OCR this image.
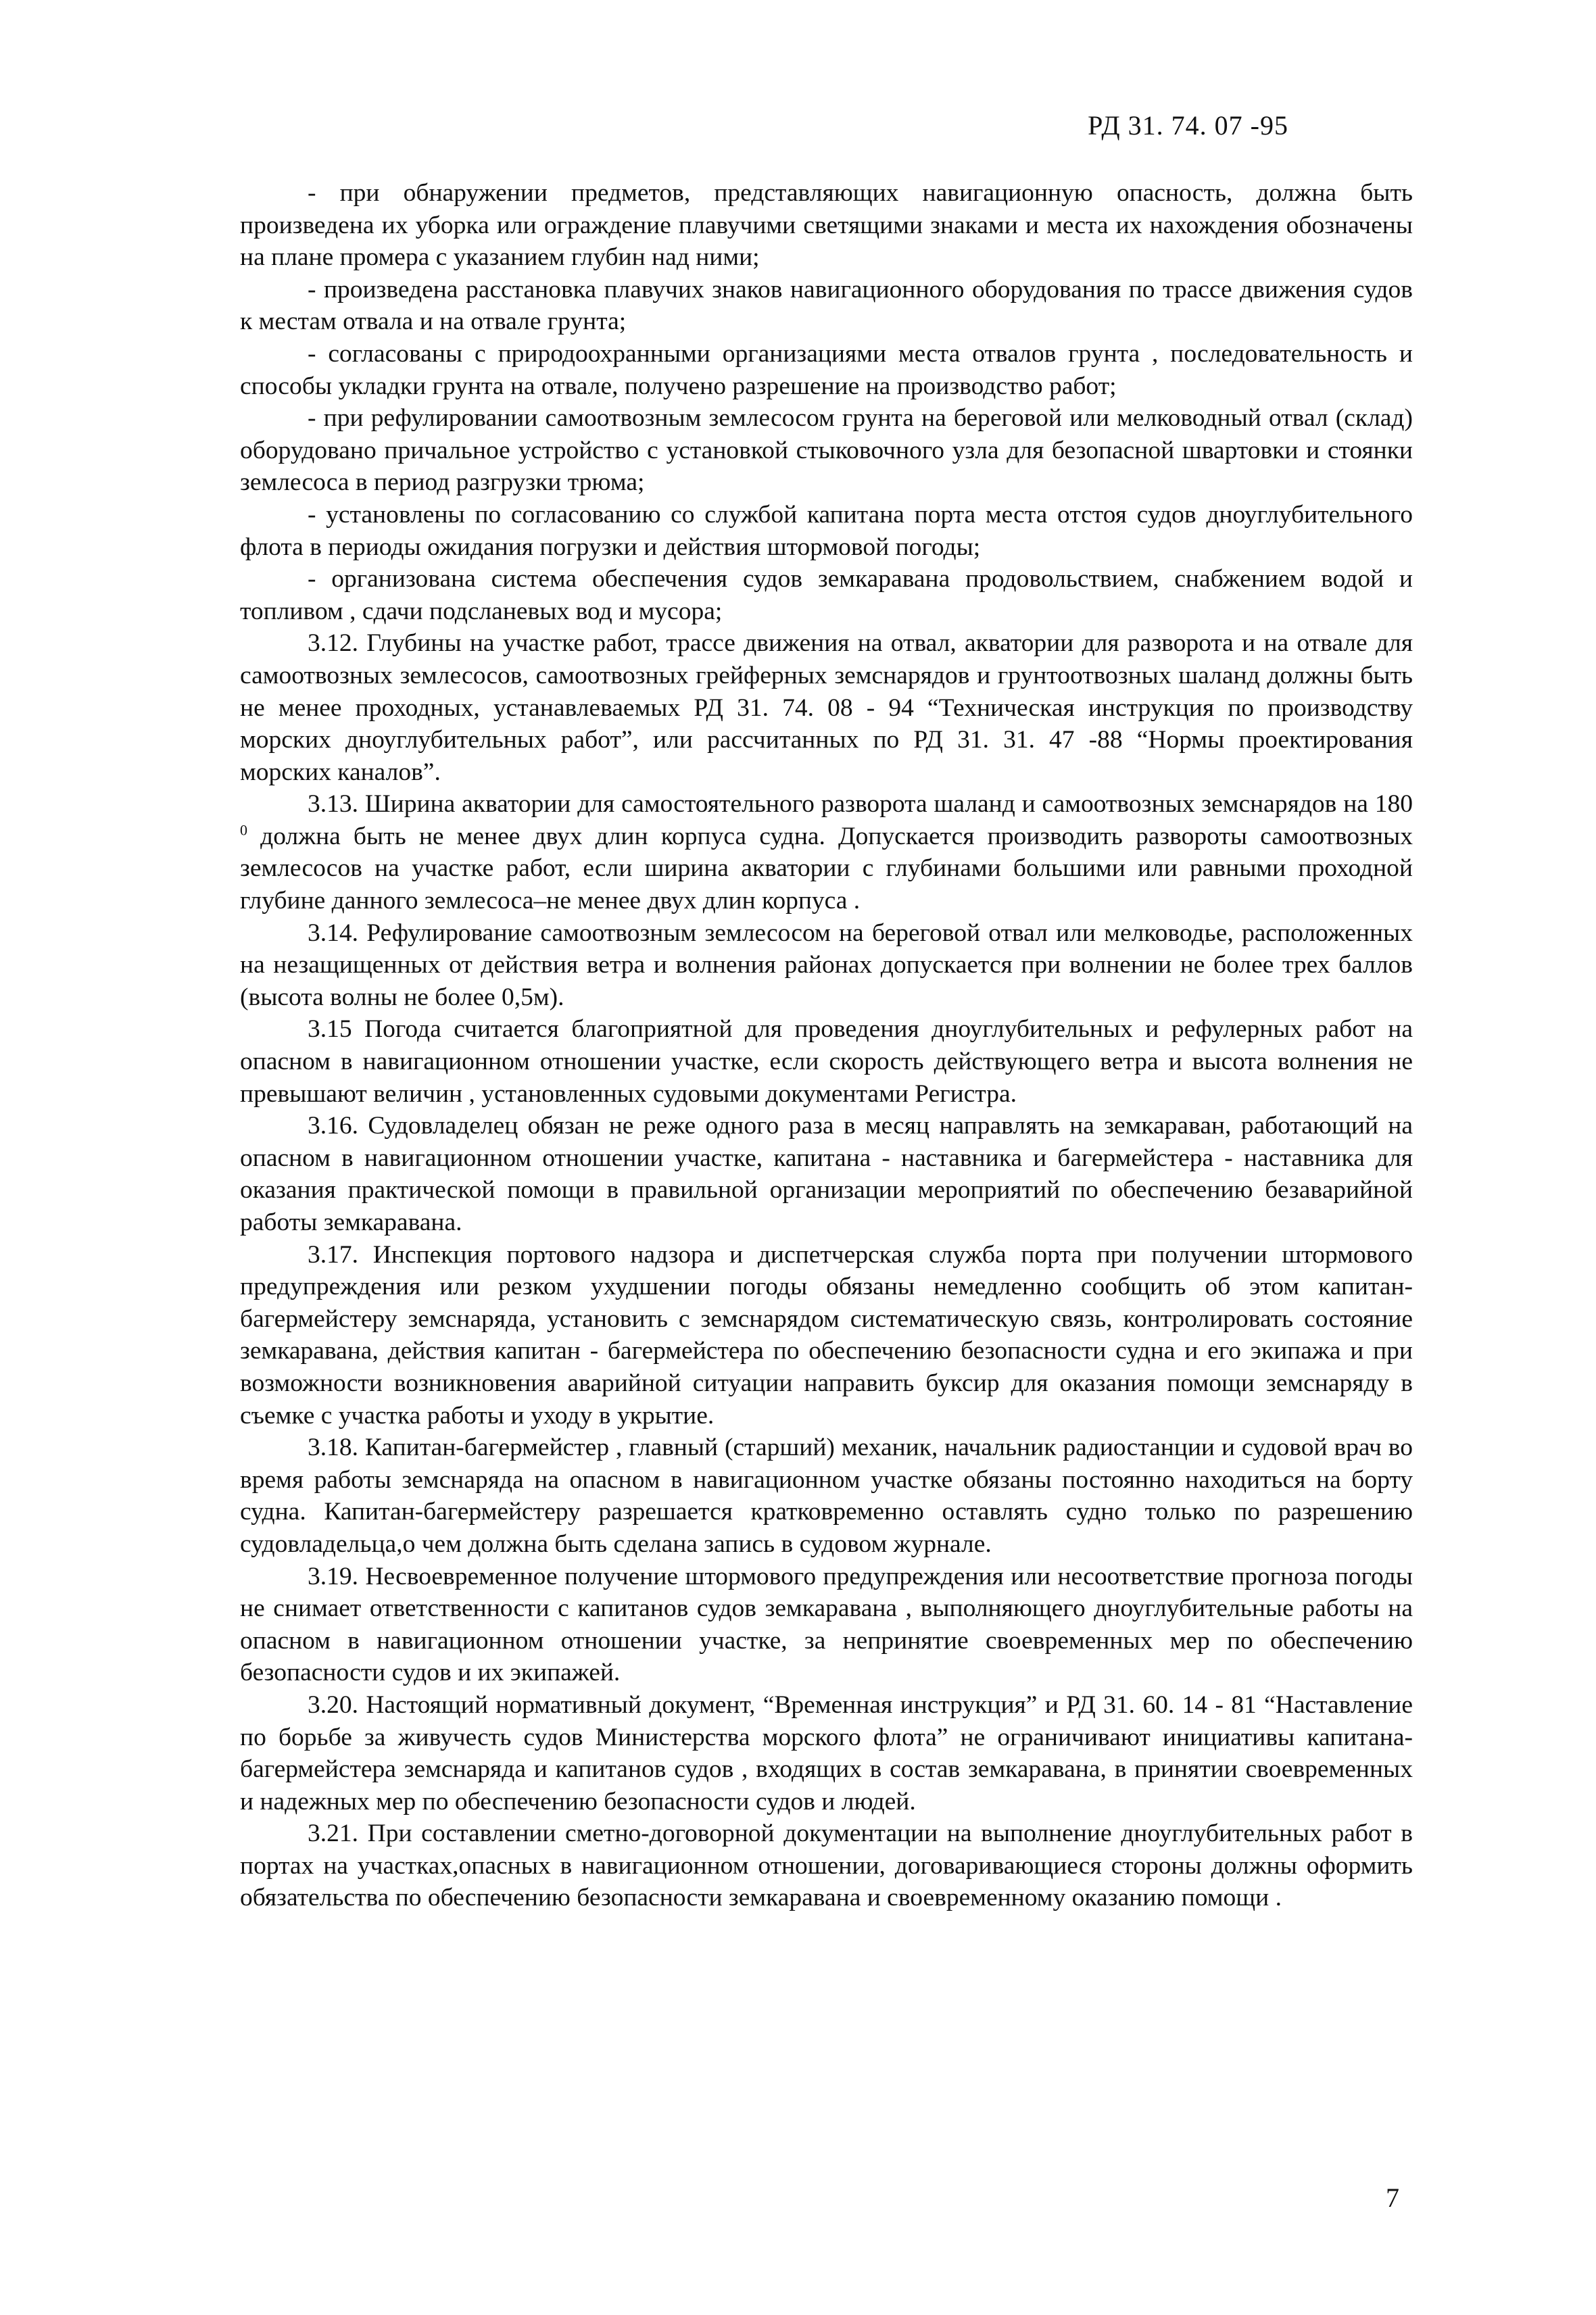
РД 31. 74. 07 -95

- при обнаружении предметов, представляющих навигационную опасность, должна быть произведена их уборка или ограждение плавучими светящими знаками и места их нахождения обозначены на плане промера с указанием глубин над ними;

- произведена расстановка плавучих знаков навигационного оборудования по трассе движения судов к местам отвала и на отвале грунта;

- согласованы с природоохранными организациями места отвалов грунта , последовательность и способы укладки грунта на отвале, получено разрешение на производство работ;

- при рефулировании самоотвозным землесосом грунта на береговой или мелководный отвал (склад) оборудовано причальное устройство с установкой стыковочного узла для безопасной швартовки и стоянки землесоса в период разгрузки трюма;

- установлены по согласованию со службой капитана порта места отстоя судов дноуглубительного флота в периоды ожидания погрузки и действия штормовой погоды;

- организована система обеспечения судов земкаравана продовольствием, снабжением водой и топливом , сдачи подсланевых вод и мусора;

3.12. Глубины на участке работ, трассе движения на отвал, акватории для разворота и на отвале для самоотвозных землесосов, самоотвозных грейферных земснарядов и грунтоотвозных шаланд должны быть не менее проходных, устанавлеваемых РД 31. 74. 08 - 94 “Техническая инструкция по производству морских дноуглубительных работ”, или рассчитанных по РД 31. 31. 47 -88 “Нормы проектирования морских каналов”.

3.13. Ширина акватории для самостоятельного разворота шаланд и самоотвозных земснарядов на 180 $^0$ должна быть не менее двух длин корпуса судна. Допускается производить развороты самоотвозных землесосов на участке работ, если ширина акватории с глубинами большими или равными проходной глубине данного землесоса–не менее двух длин корпуса .

3.14. Рефулирование самоотвозным землесосом на береговой отвал или мелководье, расположенных на незащищенных от действия ветра и волнения районах допускается при волнении не более трех баллов (высота волны не более 0,5м).

3.15 Погода считается благоприятной для проведения дноуглубительных и рефулерных работ на опасном в навигационном отношении участке, если скорость действующего ветра и высота волнения не превышают величин , установленных судовыми документами Регистра.

3.16. Судовладелец обязан не реже одного раза в месяц направлять на земкараван, работающий на опасном в навигационном отношении участке, капитана - наставника и багермейстера - наставника для оказания практической помощи в правильной организации мероприятий по обеспечению безаварийной работы земкаравана.

3.17. Инспекция портового надзора и диспетчерская служба порта при получении штормового предупреждения или резком ухудшении погоды обязаны немедленно сообщить об этом капитан-багермейстеру земснаряда, установить с земснарядом систематическую связь, контролировать состояние земкаравана, действия капитан - багермейстера по обеспечению безопасности судна и его экипажа и при возможности возникновения аварийной ситуации направить буксир для оказания помощи земснаряду в съемке с участка работы и уходу в укрытие.

3.18. Капитан-багермейстер , главный (старший) механик, начальник радиостанции и судовой врач во время работы земснаряда на опасном в навигационном участке обязаны постоянно находиться на борту судна. Капитан-багермейстеру разрешается кратковременно оставлять судно только по разрешению судовладельца,о чем должна быть сделана запись в судовом журнале.

3.19. Несвоевременное получение штормового предупреждения или несоответствие прогноза погоды не снимает ответственности с капитанов судов земкаравана , выполняющего дноуглубительные работы на опасном в навигационном отношении участке, за непринятие своевременных мер по обеспечению безопасности судов и их экипажей.

3.20. Настоящий нормативный документ, “Временная инструкция” и РД 31. 60. 14 - 81 “Наставление по борьбе за живучесть судов Министерства морского флота” не ограничивают инициативы капитана- багермейстера земснаряда и капитанов судов , входящих в состав земкаравана, в принятии своевременных и надежных мер по обеспечению безопасности судов и людей.

3.21. При составлении сметно-договорной документации на выполнение дноуглубительных работ в портах на участках,опасных в навигационном отношении, договаривающиеся стороны должны оформить обязательства по обеспечению безопасности земкаравана и своевременному оказанию помощи .

7
